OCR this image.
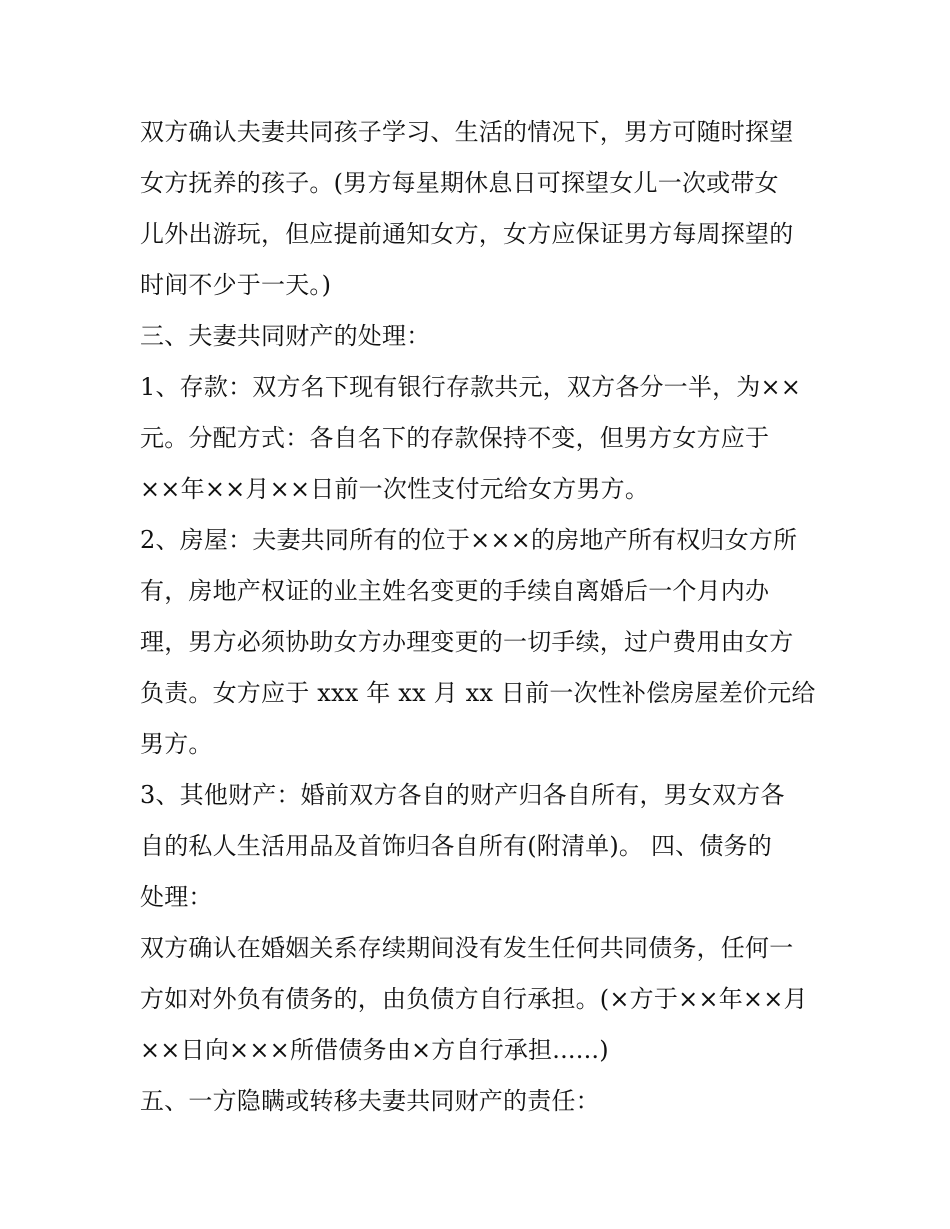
双方确认夫妻共同孩子学习、生活的情况下，男方可随时探望
女方抚养的孩子。(男方每星期休息日可探望女儿一次或带女
儿外出游玩，但应提前通知女方，女方应保证男方每周探望的
时间不少于一天。)
三、夫妻共同财产的处理：
1、存款：双方名下现有银行存款共元，双方各分一半，为××
元。分配方式：各自名下的存款保持不变，但男方女方应于
××年××月××日前一次性支付元给女方男方。
2、房屋：夫妻共同所有的位于×××的房地产所有权归女方所
有，房地产权证的业主姓名变更的手续自离婚后一个月内办
理，男方必须协助女方办理变更的一切手续，过户费用由女方
负责。女方应于 xxx 年 xx 月 xx 日前一次性补偿房屋差价元给
男方。
3、其他财产：婚前双方各自的财产归各自所有，男女双方各
自的私人生活用品及首饰归各自所有(附清单)。 四、债务的
处理：
双方确认在婚姻关系存续期间没有发生任何共同债务，任何一
方如对外负有债务的，由负债方自行承担。(×方于××年××月
××日向×××所借债务由×方自行承担......)
五、一方隐瞒或转移夫妻共同财产的责任：
